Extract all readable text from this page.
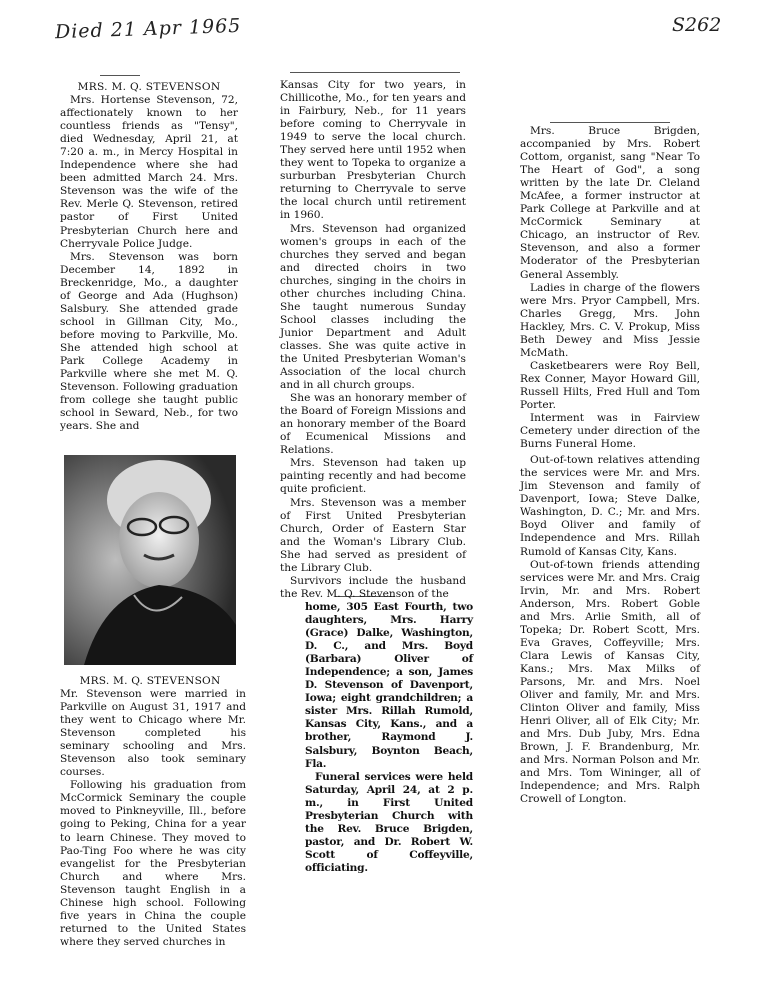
Died 21 Apr 1965	S262

MRS. M. Q. STEVENSON

Mrs. Hortense Stevenson, 72, affectionately known to her countless friends as "Tensy", died Wednesday, April 21, at 7:20 a. m., in Mercy Hospital in Independence where she had been admitted March 24. Mrs. Stevenson was the wife of the Rev. Merle Q. Stevenson, retired pastor of First United Presbyterian Church here and Cherryvale Police Judge.

Mrs. Stevenson was born December 14, 1892 in Breckenridge, Mo., a daughter of George and Ada (Hughson) Salsbury. She attended grade school in Gillman City, Mo., before moving to Parkville, Mo. She attended high school at Park College Academy in Parkville where she met M. Q. Stevenson. Following graduation from college she taught public school in Seward, Neb., for two years. She and

MRS. M. Q. STEVENSON

Mr. Stevenson were married in Parkville on August 31, 1917 and they went to Chicago where Mr. Stevenson completed his seminary schooling and Mrs. Stevenson also took seminary courses.

Following his graduation from McCormick Seminary the couple moved to Pinkneyville, Ill., before going to Peking, China for a year to learn Chinese. They moved to Pao-Ting Foo where he was city evangelist for the Presbyterian Church and where Mrs. Stevenson taught English in a Chinese high school. Following five years in China the couple returned to the United States where they served churches in

Kansas City for two years, in Chillicothe, Mo., for ten years and in Fairbury, Neb., for 11 years before coming to Cherryvale in 1949 to serve the local church. They served here until 1952 when they went to Topeka to organize a surburban Presbyterian Church returning to Cherryvale to serve the local church until retirement in 1960.

Mrs. Stevenson had organized women's groups in each of the churches they served and began and directed choirs in two churches, singing in the choirs in other churches including China. She taught numerous Sunday School classes including the Junior Department and Adult classes. She was quite active in the United Presbyterian Woman's Association of the local church and in all church groups.

She was an honorary member of the Board of Foreign Missions and an honorary member of the Board of Ecumenical Missions and Relations.

Mrs. Stevenson had taken up painting recently and had become quite proficient.

Mrs. Stevenson was a member of First United Presbyterian Church, Order of Eastern Star and the Woman's Library Club. She had served as president of the Library Club.

Survivors include the husband the Rev. M. Q. Stevenson of the

home, 305 East Fourth, two daughters, Mrs. Harry (Grace) Dalke, Washington, D. C., and Mrs. Boyd (Barbara) Oliver of Independence; a son, James D. Stevenson of Davenport, Iowa; eight grandchildren; a sister Mrs. Rillah Rumold, Kansas City, Kans., and a brother, Raymond J. Salsbury, Boynton Beach, Fla.

Funeral services were held Saturday, April 24, at 2 p. m., in First United Presbyterian Church with the Rev. Bruce Brigden, pastor, and Dr. Robert W. Scott of Coffeyville, officiating.

Mrs. Bruce Brigden, accompanied by Mrs. Robert Cottom, organist, sang "Near To The Heart of God", a song written by the late Dr. Cleland McAfee, a former instructor at Park College at Parkville and at McCormick Seminary at Chicago, an instructor of Rev. Stevenson, and also a former Moderator of the Presbyterian General Assembly.

Ladies in charge of the flowers were Mrs. Pryor Campbell, Mrs. Charles Gregg, Mrs. John Hackley, Mrs. C. V. Prokup, Miss Beth Dewey and Miss Jessie McMath.

Casketbearers were Roy Bell, Rex Conner, Mayor Howard Gill, Russell Hilts, Fred Hull and Tom Porter.

Interment was in Fairview Cemetery under direction of the Burns Funeral Home.

Out-of-town relatives attending the services were Mr. and Mrs. Jim Stevenson and family of Davenport, Iowa; Steve Dalke, Washington, D. C.; Mr. and Mrs. Boyd Oliver and family of Independence and Mrs. Rillah Rumold of Kansas City, Kans.

Out-of-town friends attending services were Mr. and Mrs. Craig Irvin, Mr. and Mrs. Robert Anderson, Mrs. Robert Goble and Mrs. Arlie Smith, all of Topeka; Dr. Robert Scott, Mrs. Eva Graves, Coffeyville; Mrs. Clara Lewis of Kansas City, Kans.; Mrs. Max Milks of Parsons, Mr. and Mrs. Noel Oliver and family, Mr. and Mrs. Clinton Oliver and family, Miss Henri Oliver, all of Elk City; Mr. and Mrs. Dub Juby, Mrs. Edna Brown, J. F. Brandenburg, Mr. and Mrs. Norman Polson and Mr. and Mrs. Tom Wininger, all of Independence; and Mrs. Ralph Crowell of Longton.
